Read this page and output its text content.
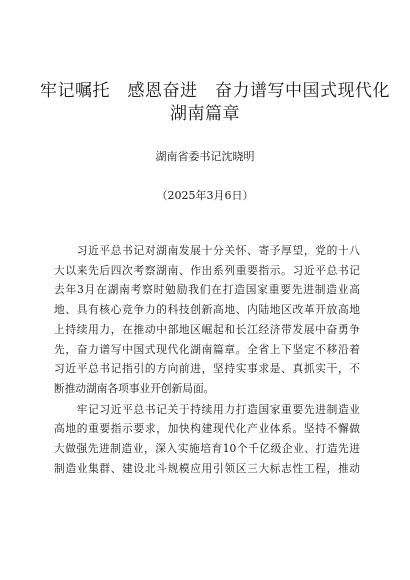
牢记嘱托　感恩奋进　奋力谱写中国式现代化
湖南篇章
湖南省委书记沈晓明
（2025年3月6日）

　　习近平总书记对湖南发展十分关怀、寄予厚望，党的十八
大以来先后四次考察湖南、作出系列重要指示。习近平总书记
去年3月在湖南考察时勉励我们在打造国家重要先进制造业高
地、具有核心竞争力的科技创新高地、内陆地区改革开放高地
上持续用力，在推动中部地区崛起和长江经济带发展中奋勇争
先，奋力谱写中国式现代化湖南篇章。全省上下坚定不移沿着
习近平总书记指引的方向前进，坚持实事求是、真抓实干，不
断推动湖南各项事业开创新局面。

　　牢记习近平总书记关于持续用力打造国家重要先进制造业
高地的重要指示要求，加快构建现代化产业体系。坚持不懈做
大做强先进制造业，深入实施培育10个千亿级企业、打造先进
制造业集群、建设北斗规模应用引领区三大标志性工程，推动
